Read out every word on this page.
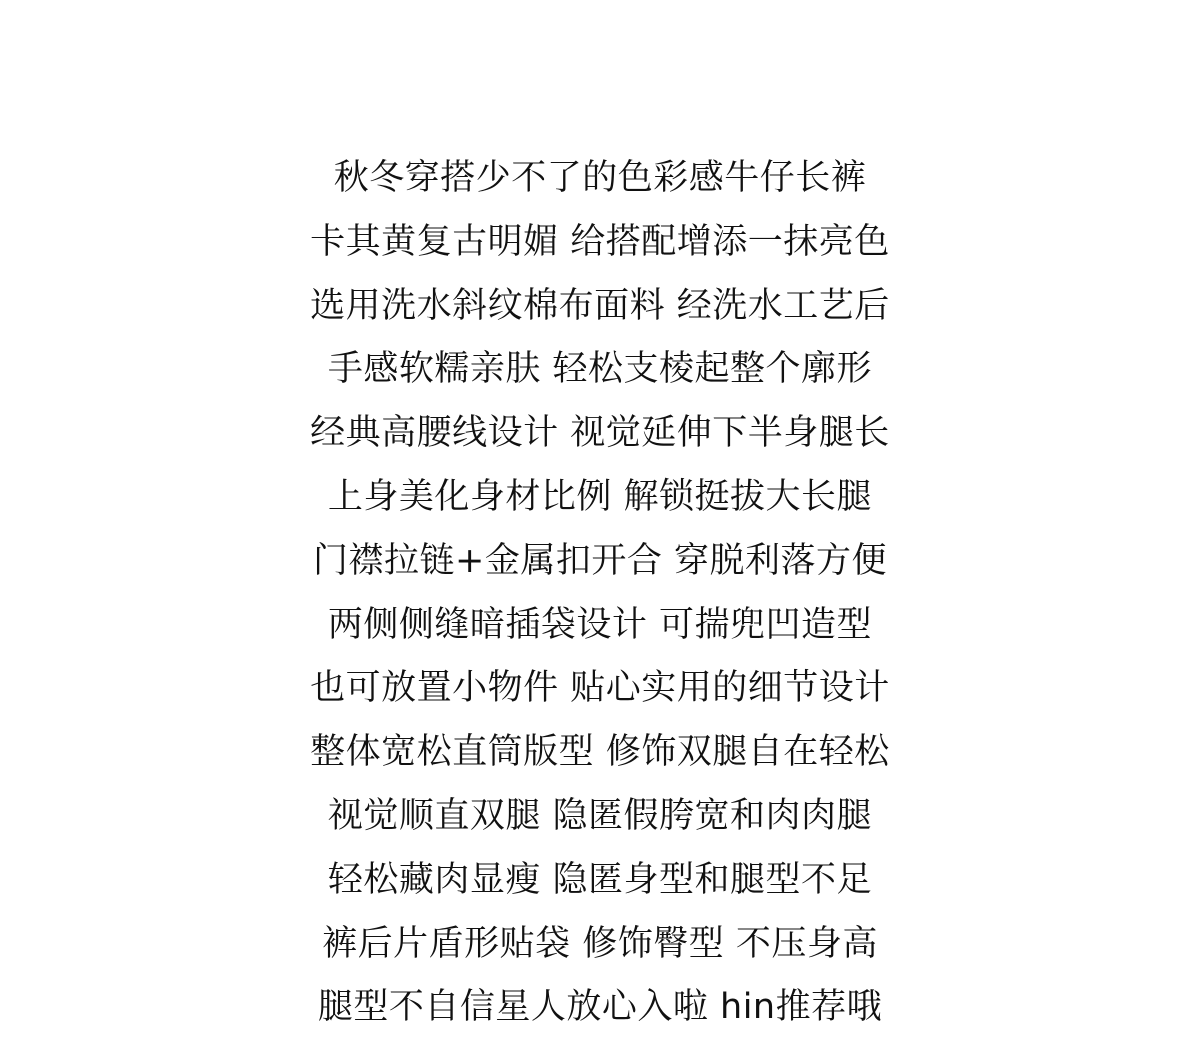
秋冬穿搭少不了的色彩感牛仔长裤
卡其黄复古明媚 给搭配增添一抹亮色
选用洗水斜纹棉布面料 经洗水工艺后
手感软糯亲肤 轻松支棱起整个廓形
经典高腰线设计 视觉延伸下半身腿长
上身美化身材比例 解锁挺拔大长腿
门襟拉链+金属扣开合 穿脱利落方便
两侧侧缝暗插袋设计 可揣兜凹造型
也可放置小物件 贴心实用的细节设计
整体宽松直筒版型 修饰双腿自在轻松
视觉顺直双腿 隐匿假胯宽和肉肉腿
轻松藏肉显瘦 隐匿身型和腿型不足
裤后片盾形贴袋 修饰臀型 不压身高
腿型不自信星人放心入啦 hin推荐哦
